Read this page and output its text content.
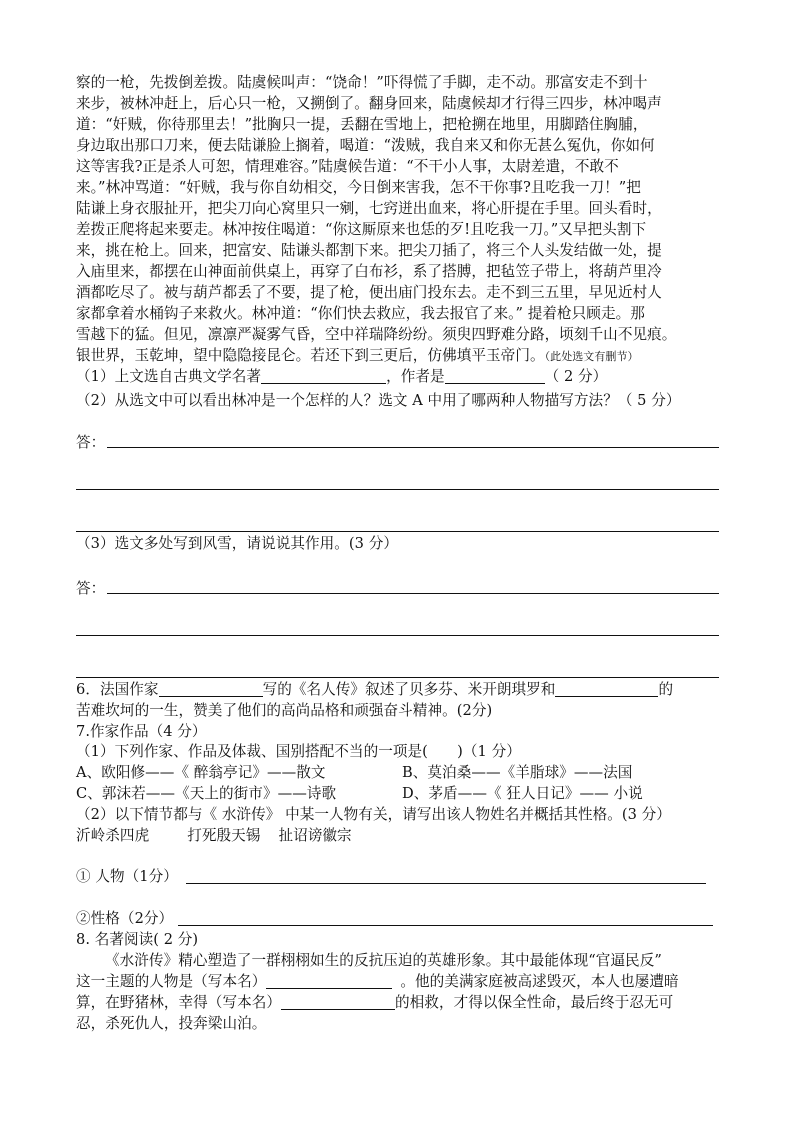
察的一枪，先拨倒差拨。陆虞候叫声：“饶命！”吓得慌了手脚，走不动。那富安走不到十
来步，被林冲赶上，后心只一枪，又搠倒了。翻身回来，陆虞候却才行得三四步，林冲喝声
道：“奸贼，你待那里去！”批胸只一提，丢翻在雪地上，把枪搠在地里，用脚踏住胸脯，
身边取出那口刀来，便去陆谦脸上搁着，喝道：“泼贼，我自来又和你无甚么冤仇，你如何
这等害我?正是杀人可恕，情理难容。”陆虞候告道：“不干小人事，太尉差遣，不敢不
来。”林冲骂道：“奸贼，我与你自幼相交，今日倒来害我，怎不干你事?且吃我一刀！”把
陆谦上身衣服扯开，把尖刀向心窝里只一剜，七窍迸出血来，将心肝提在手里。回头看时，
差拨正爬将起来要走。林冲按住喝道：“你这厮原来也恁的歹!且吃我一刀。”又早把头割下
来，挑在枪上。回来，把富安、陆谦头都割下来。把尖刀插了，将三个人头发结做一处，提
入庙里来，都摆在山神面前供桌上，再穿了白布衫，系了搭膊，把毡笠子带上，将葫芦里冷
酒都吃尽了。被与葫芦都丢了不要，提了枪，便出庙门投东去。走不到三五里，早见近村人
家都拿着水桶钩子来救火。林冲道：“你们快去救应，我去报官了来。” 提着枪只顾走。那
雪越下的猛。但见，凛凛严凝雾气昏，空中祥瑞降纷纷。须臾四野难分路，顷刻千山不见痕。
银世界，玉乾坤，望中隐隐接昆仑。若还下到三更后，仿佛填平玉帝门。（此处选文有删节）
（1）上文选自古典文学名著	，作者是	（ 2 分）
（2）从选文中可以看出林冲是一个怎样的人？选文 A 中用了哪两种人物描写方法？（ 5 分）
答：
（3）选文多处写到风雪，请说说其作用。(3 分）
答：
6．法国作家	写的《名人传》叙述了贝多芬、米开朗琪罗和	的
苦难坎坷的一生，赞美了他们的高尚品格和顽强奋斗精神。(2分)
7.作家作品（4 分）
（1）下列作家、作品及体裁、国别搭配不当的一项是(　　)（1 分）
A、欧阳修——《 醉翁亭记》——散文	B、莫泊桑——《羊脂球》——法国
C、郭沫若——《天上的街市》——诗歌	D、茅盾——《 狂人日记》—— 小说
（2）以下情节都与《 水浒传》 中某一人物有关，请写出该人物姓名并概括其性格。(3 分）
沂岭杀四虎	打死殷天锡 扯诏谤徽宗
① 人物（1分）
②性格（2分）
8. 名著阅读( 2 分)
《水浒传》精心塑造了一群栩栩如生的反抗压迫的英雄形象。其中最能体现“官逼民反”
这一主题的人物是（写本名）	。他的美满家庭被高逑毁灭，本人也屡遭暗
算，在野猪林，幸得（写本名）	的相救，才得以保全性命，最后终于忍无可
忍，杀死仇人，投奔梁山泊。
